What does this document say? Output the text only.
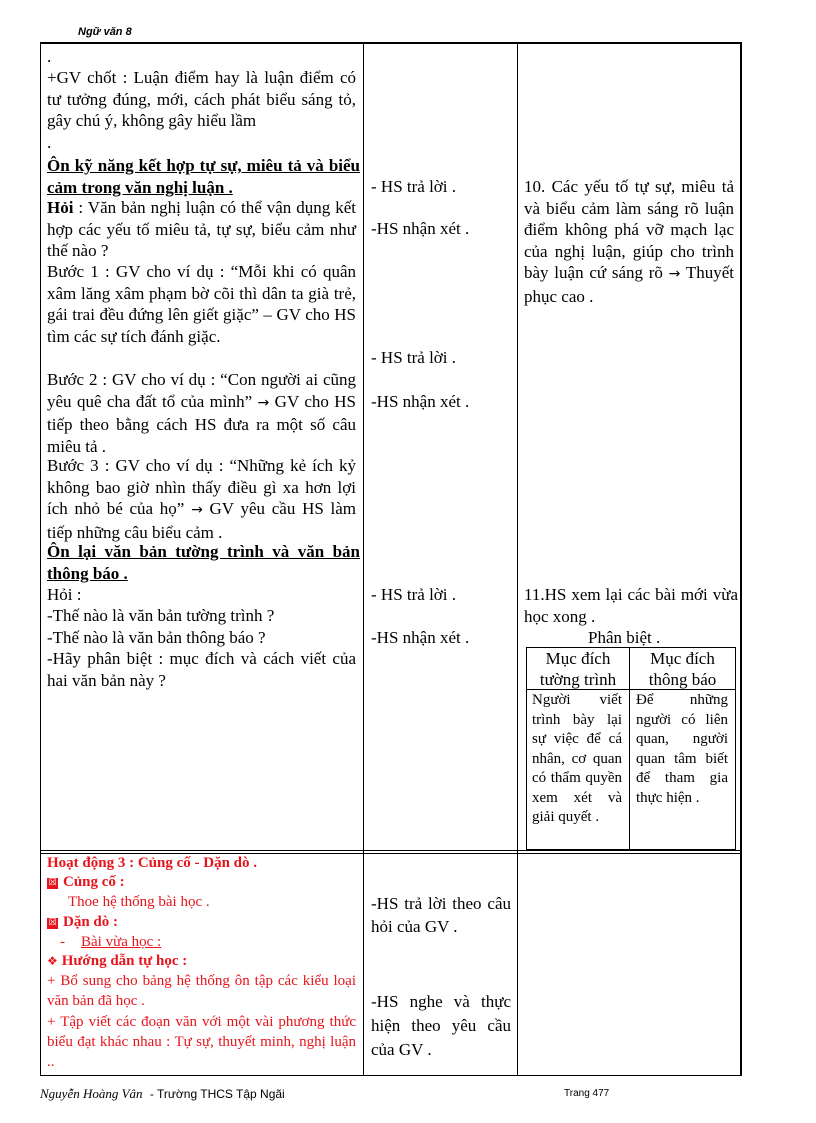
Ngữ văn 8
.
+GV chốt : Luận điểm hay là luận điểm có tư tưởng đúng, mới, cách phát biểu sáng tỏ, gây chú ý, không gây hiểu lầm
.
Ôn kỹ năng kết hợp tự sự, miêu tả và biểu cảm trong văn nghị luận .
Hỏi : Văn bản nghị luận có thể vận dụng kết hợp các yếu tố miêu tả, tự sự, biểu cảm như thế nào ?
Bước 1 : GV cho ví dụ : “Mỗi khi có quân xâm lăng xâm phạm bờ cõi thì dân ta già trẻ, gái trai đều đứng lên giết giặc” – GV cho HS tìm các sự tích đánh giặc.
Bước 2 : GV cho ví dụ : “Con người ai cũng yêu quê cha đất tổ của mình” → GV cho HS tiếp theo bằng cách HS đưa ra một số câu miêu tả .
Bước 3 : GV cho ví dụ : “Những kẻ ích kỷ không bao giờ nhìn thấy điều gì xa hơn lợi ích nhỏ bé của họ” → GV yêu cầu HS làm tiếp những câu biểu cảm .
Ôn lại văn bản tường trình và văn bản thông báo .
Hỏi :
-Thế nào là văn bản tường trình ?
-Thế nào là văn bản thông báo ?
-Hãy phân biệt : mục đích và cách viết của hai văn bản này ?
- HS trả lời .
-HS nhận xét .
- HS trả lời .
-HS nhận xét .
- HS trả lời .
-HS nhận xét .
10. Các yếu tố tự sự, miêu tả và biểu cảm làm sáng rõ luận điểm không phá vỡ mạch lạc của nghị luận, giúp cho trình bày luận cứ sáng rõ → Thuyết phục cao .
11.HS xem lại các bài mới vừa học xong .
Phân biệt .
Mục đích tường trình
Mục đích thông báo
Người viết trình bày lại sự việc để cá nhân, cơ quan có thẩm quyền xem xét và giải quyết .
Để những người có liên quan, người quan tâm biết để tham gia thực hiện .
Hoạt động 3 : Củng cố - Dặn dò .
☒ Củng cố :
Thoe hệ thống bài học .
☒ Dặn dò :
- Bài vừa học :
❖ Hướng dẫn tự học :
+ Bổ sung cho bảng hệ thống ôn tập các kiểu loại văn bản đã học .
+ Tập viết các đoạn văn với một vài phương thức biểu đạt khác nhau : Tự sự, thuyết minh, nghị luận ..
-HS trả lời theo câu hỏi của GV .
-HS nghe và thực hiện theo yêu cầu của GV .
Nguyễn Hoàng Vân - Trường THCS Tập Ngãi	Trang 477
